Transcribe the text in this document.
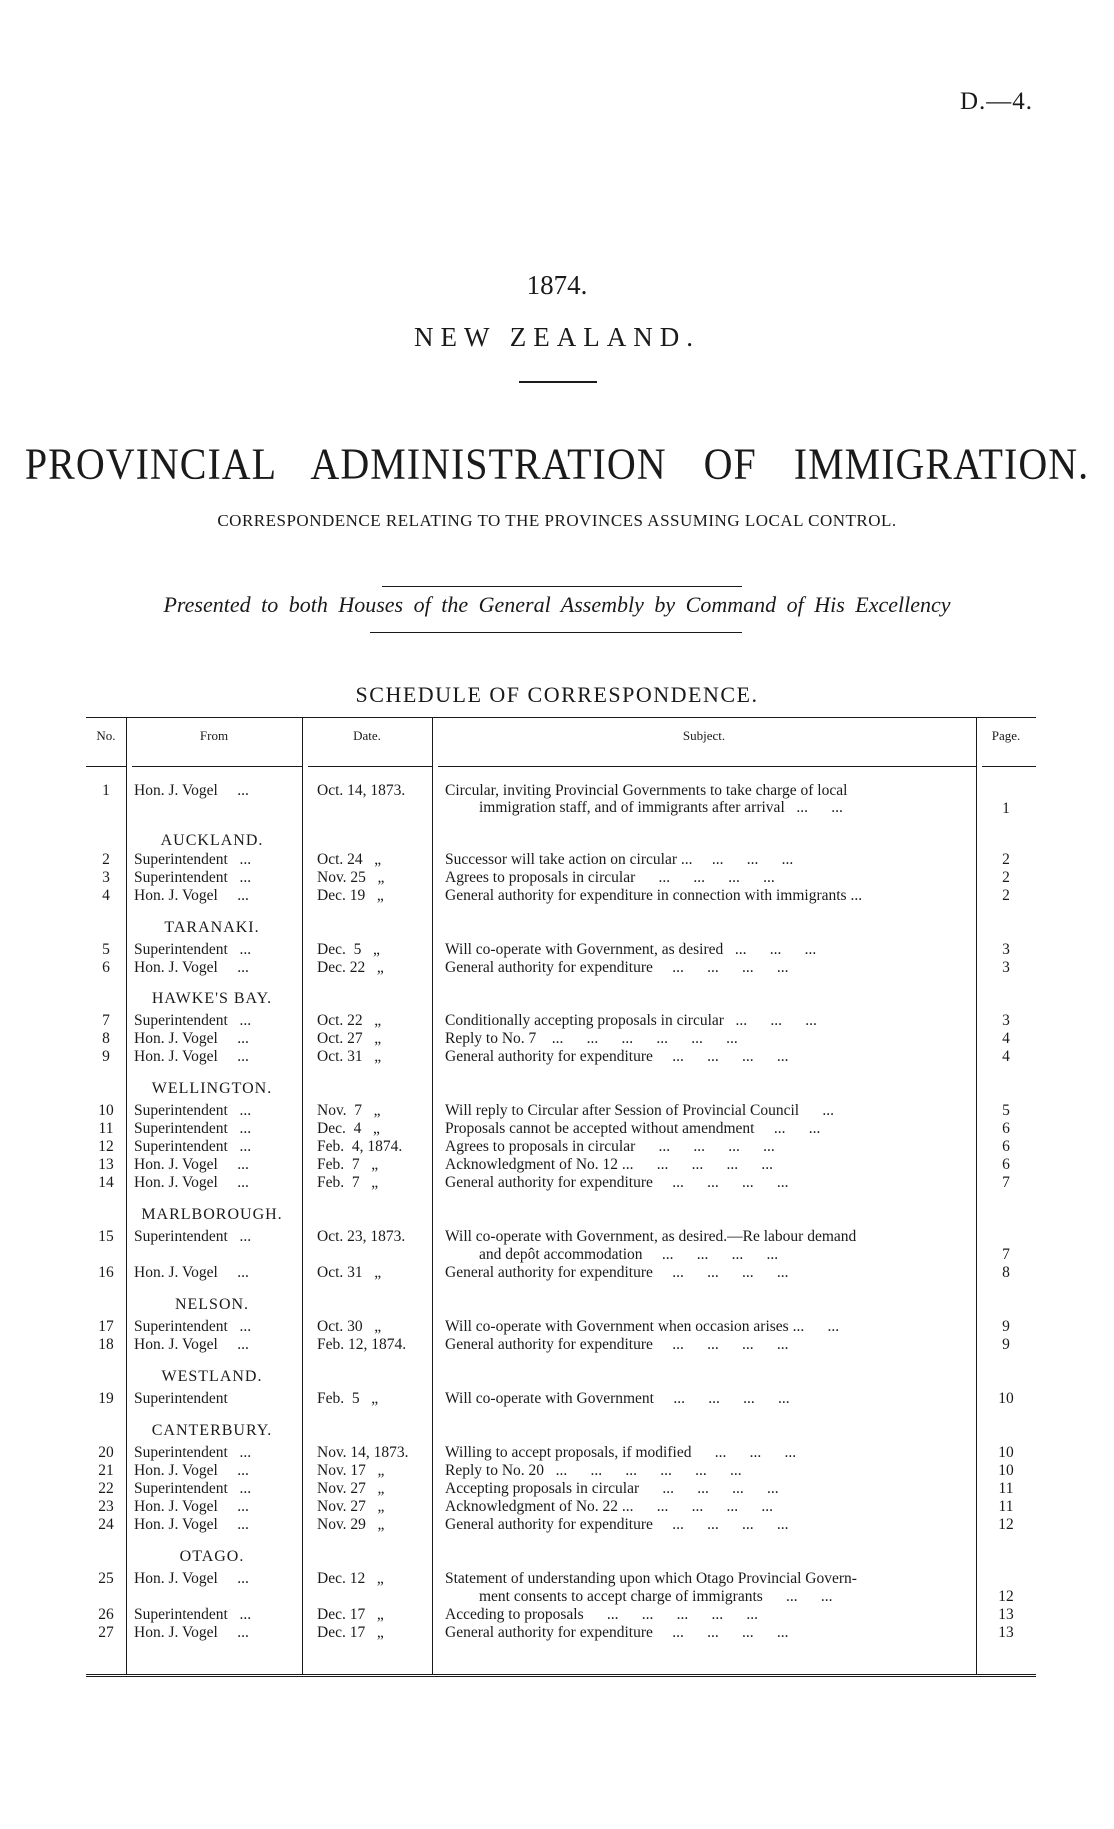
D.—4.
1874.
NEW ZEALAND.
PROVINCIAL ADMINISTRATION OF IMMIGRATION.
CORRESPONDENCE RELATING TO THE PROVINCES ASSUMING LOCAL CONTROL.
Presented to both Houses of the General Assembly by Command of His Excellency
SCHEDULE OF CORRESPONDENCE.
No.	From	Date.	Subject.	Page.
1	Hon. J. Vogel     ...	Oct. 14, 1873.	Circular, inviting Provincial Governments to take charge of local
immigration staff, and of immigrants after arrival   ...      ...	1
AUCKLAND.
2	Superintendent   ...	Oct. 24   „	Successor will take action on circular ...     ...      ...      ...	2
3	Superintendent   ...	Nov. 25   „	Agrees to proposals in circular      ...      ...      ...      ...	2
4	Hon. J. Vogel     ...	Dec. 19   „	General authority for expenditure in connection with immigrants ...	2
TARANAKI.
5	Superintendent   ...	Dec.  5   „	Will co-operate with Government, as desired   ...      ...      ...	3
6	Hon. J. Vogel     ...	Dec. 22   „	General authority for expenditure     ...      ...      ...      ...	3
HAWKE'S BAY.
7	Superintendent   ...	Oct. 22   „	Conditionally accepting proposals in circular   ...      ...      ...	3
8	Hon. J. Vogel     ...	Oct. 27   „	Reply to No. 7    ...      ...      ...      ...      ...      ...	4
9	Hon. J. Vogel     ...	Oct. 31   „	General authority for expenditure     ...      ...      ...      ...	4
WELLINGTON.
10	Superintendent   ...	Nov.  7   „	Will reply to Circular after Session of Provincial Council      ...	5
11	Superintendent   ...	Dec.  4   „	Proposals cannot be accepted without amendment     ...      ...	6
12	Superintendent   ...	Feb.  4, 1874.	Agrees to proposals in circular      ...      ...      ...      ...	6
13	Hon. J. Vogel     ...	Feb.  7   „	Acknowledgment of No. 12 ...      ...      ...      ...      ...	6
14	Hon. J. Vogel     ...	Feb.  7   „	General authority for expenditure     ...      ...      ...      ...	7
MARLBOROUGH.
15	Superintendent   ...	Oct. 23, 1873.	Will co-operate with Government, as desired.—Re labour demand
and depôt accommodation     ...      ...      ...      ...	7
16	Hon. J. Vogel     ...	Oct. 31   „	General authority for expenditure     ...      ...      ...      ...	8
NELSON.
17	Superintendent   ...	Oct. 30   „	Will co-operate with Government when occasion arises ...      ...	9
18	Hon. J. Vogel     ...	Feb. 12, 1874.	General authority for expenditure     ...      ...      ...      ...	9
WESTLAND.
19	Superintendent	Feb.  5   „	Will co-operate with Government     ...      ...      ...      ...	10
CANTERBURY.
20	Superintendent   ...	Nov. 14, 1873. Willing to accept proposals, if modified      ...      ...      ...	10
21	Hon. J. Vogel     ...	Nov. 17   „	Reply to No. 20   ...      ...      ...      ...      ...      ...	10
22	Superintendent   ...	Nov. 27   „	Accepting proposals in circular      ...      ...      ...      ...	11
23	Hon. J. Vogel     ...	Nov. 27   „	Acknowledgment of No. 22 ...      ...      ...      ...      ...	11
24	Hon. J. Vogel     ...	Nov. 29   „	General authority for expenditure     ...      ...      ...      ...	12
OTAGO.
25	Hon. J. Vogel     ...	Dec. 12   „	Statement of understanding upon which Otago Provincial Govern-
ment consents to accept charge of immigrants      ...      ...	12
26	Superintendent   ...	Dec. 17   „	Acceding to proposals      ...      ...      ...      ...      ...	13
27	Hon. J. Vogel     ...	Dec. 17   „	General authority for expenditure     ...      ...      ...      ...	13
